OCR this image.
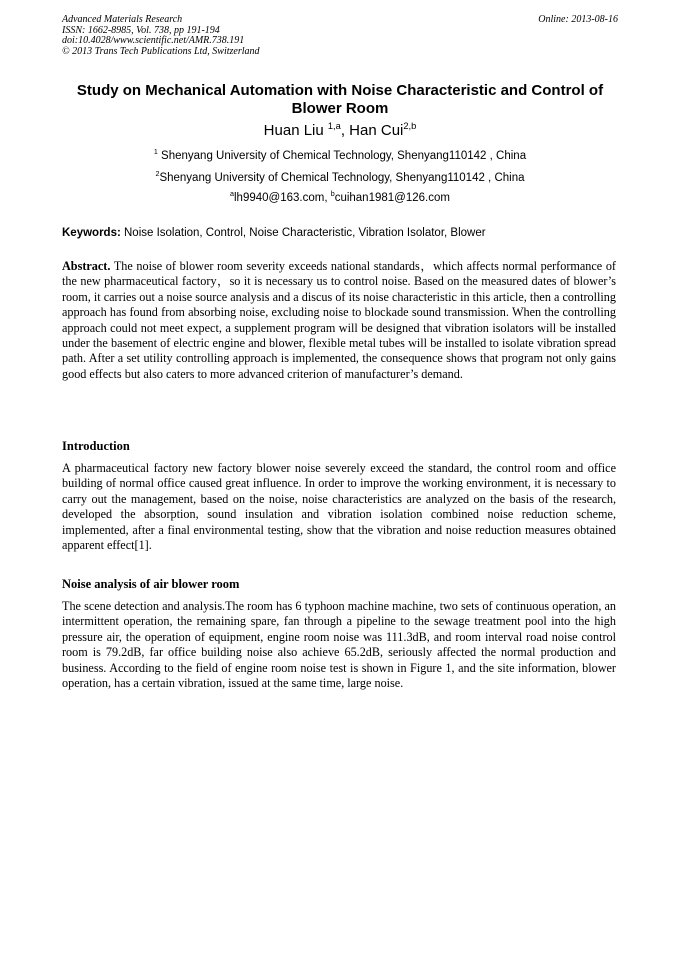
Advanced Materials Research
ISSN: 1662-8985, Vol. 738, pp 191-194
doi:10.4028/www.scientific.net/AMR.738.191
© 2013 Trans Tech Publications Ltd, Switzerland
Online: 2013-08-16
Study on Mechanical Automation with Noise Characteristic and Control of Blower Room
Huan Liu $^{1,a}$, Han Cui$^{2,b}$
$^1$ Shenyang University of Chemical Technology, Shenyang110142 , China
$^2$Shenyang University of Chemical Technology, Shenyang110142 , China
$^a$lh9940@163.com, $^b$cuihan1981@126.com
Keywords: Noise Isolation, Control, Noise Characteristic, Vibration Isolator, Blower
Abstract. The noise of blower room severity exceeds national standards，which affects normal performance of the new pharmaceutical factory，so it is necessary us to control noise. Based on the measured dates of blower’s room, it carries out a noise source analysis and a discus of its noise characteristic in this article, then a controlling approach has found from absorbing noise, excluding noise to blockade sound transmission. When the controlling approach could not meet expect, a supplement program will be designed that vibration isolators will be installed under the basement of electric engine and blower, flexible metal tubes will be installed to isolate vibration spread path. After a set utility controlling approach is implemented, the consequence shows that program not only gains good effects but also caters to more advanced criterion of manufacturer’s demand.
Introduction
A pharmaceutical factory new factory blower noise severely exceed the standard, the control room and office building of normal office caused great influence. In order to improve the working environment, it is necessary to carry out the management, based on the noise, noise characteristics are analyzed on the basis of the research, developed the absorption, sound insulation and vibration isolation combined noise reduction scheme, implemented, after a final environmental testing, show that the vibration and noise reduction measures obtained apparent effect[1].
Noise analysis of air blower room
The scene detection and analysis.The room has 6 typhoon machine machine, two sets of continuous operation, an intermittent operation, the remaining spare, fan through a pipeline to the sewage treatment pool into the high pressure air, the operation of equipment, engine room noise was 111.3dB, and room interval road noise control room is 79.2dB, far office building noise also achieve 65.2dB, seriously affected the normal production and business. According to the field of engine room noise test is shown in Figure 1, and the site information, blower operation, has a certain vibration, issued at the same time, large noise.
